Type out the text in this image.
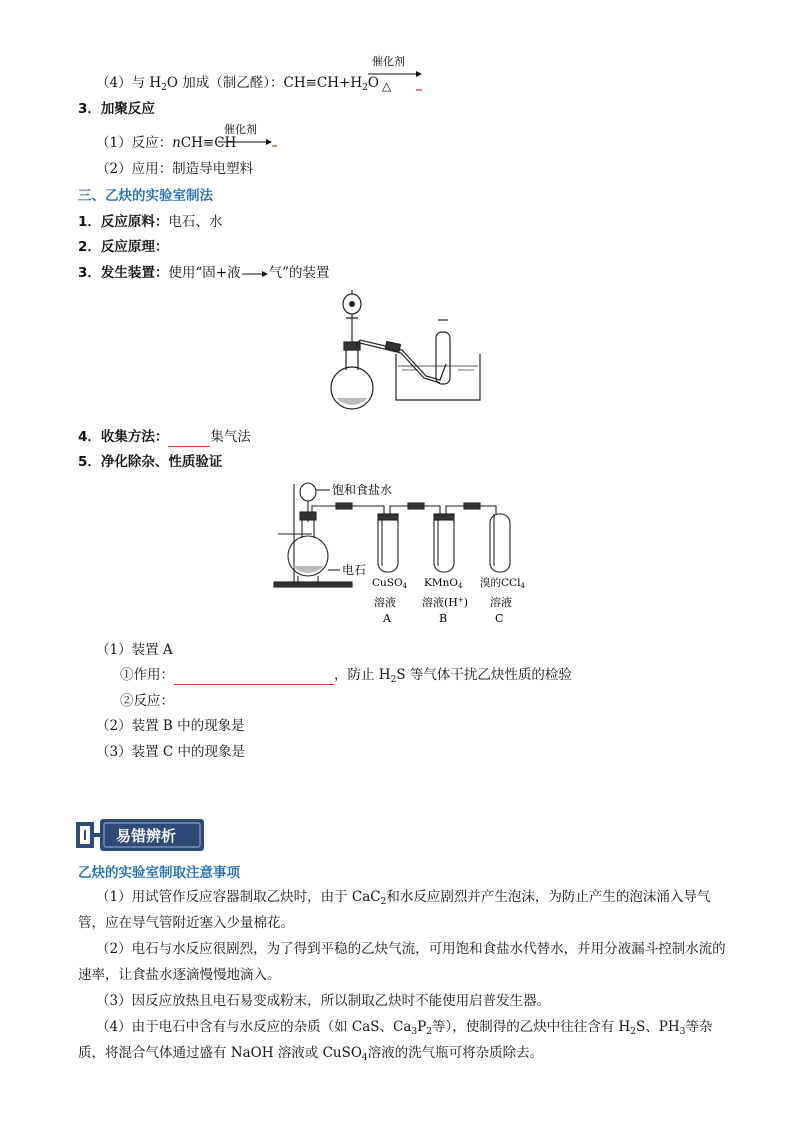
（4）与 $H_2O$ 加成（制乙醛）：$CH\equiv CH+H_2O$
催化剂
△
3．加聚反应
（1）反应：nCH≡CH
催化剂
（2）应用：制造导电塑料
三、乙炔的实验室制法
1．反应原料：电石、水
2．反应原理：
3．发生装置：使用“固+液 气”的装置
4．收集方法：	集气法
5．净化除杂、性质验证
饱和食盐水
电石
CuSO4 KMnO4 溴的CCl4
溶液 溶液(H+) 溶液
A	B	C
（1）装置 A
①作用：	，防止 $H_2S$ 等气体干扰乙炔性质的检验
②反应：
（2）装置 B 中的现象是
（3）装置 C 中的现象是
易错辨析
乙炔的实验室制取注意事项
（1）用试管作反应容器制取乙炔时，由于 CaC$_2$和水反应剧烈并产生泡沫，为防止产生的泡沫涌入导气管，应在导气管附近塞入少量棉花。
（2）电石与水反应很剧烈，为了得到平稳的乙炔气流，可用饱和食盐水代替水，并用分液漏斗控制水流的速率，让食盐水逐滴慢慢地滴入。
（3）因反应放热且电石易变成粉末，所以制取乙炔时不能使用启普发生器。
（4）由于电石中含有与水反应的杂质（如 CaS、$Ca_3P_2$等），使制得的乙炔中往往含有 $H_2S$、$PH_3$等杂质，将混合气体通过盛有 NaOH 溶液或 CuSO$_4$溶液的洗气瓶可将杂质除去。
